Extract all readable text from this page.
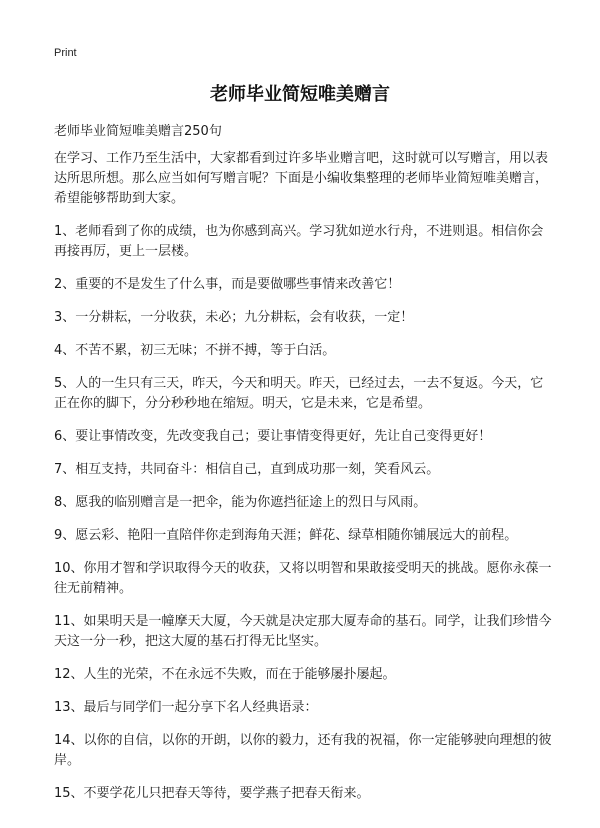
Print
老师毕业简短唯美赠言
老师毕业简短唯美赠言250句

在学习、工作乃至生活中，大家都看到过许多毕业赠言吧，这时就可以写赠言，用以表达所思所想。那么应当如何写赠言呢？下面是小编收集整理的老师毕业简短唯美赠言，希望能够帮助到大家。

1、老师看到了你的成绩，也为你感到高兴。学习犹如逆水行舟，不进则退。相信你会再接再厉，更上一层楼。

2、重要的不是发生了什么事，而是要做哪些事情来改善它！

3、一分耕耘，一分收获，未必；九分耕耘，会有收获，一定！

4、不苦不累，初三无味；不拼不搏，等于白活。

5、人的一生只有三天，昨天，今天和明天。昨天，已经过去，一去不复返。今天，它正在你的脚下，分分秒秒地在缩短。明天，它是未来，它是希望。

6、要让事情改变，先改变我自己；要让事情变得更好，先让自己变得更好！

7、相互支持，共同奋斗：相信自己，直到成功那一刻，笑看风云。

8、愿我的临别赠言是一把伞，能为你遮挡征途上的烈日与风雨。

9、愿云彩、艳阳一直陪伴你走到海角天涯；鲜花、绿草相随你铺展远大的前程。

10、你用才智和学识取得今天的收获，又将以明智和果敢接受明天的挑战。愿你永葆一往无前精神。

11、如果明天是一幢摩天大厦，今天就是决定那大厦寿命的基石。同学，让我们珍惜今天这一分一秒，把这大厦的基石打得无比坚实。

12、人生的光荣，不在永远不失败，而在于能够屡扑屡起。

13、最后与同学们一起分享下名人经典语录：

14、以你的自信，以你的开朗，以你的毅力，还有我的祝福，你一定能够驶向理想的彼岸。

15、不要学花儿只把春天等待，要学燕子把春天衔来。
